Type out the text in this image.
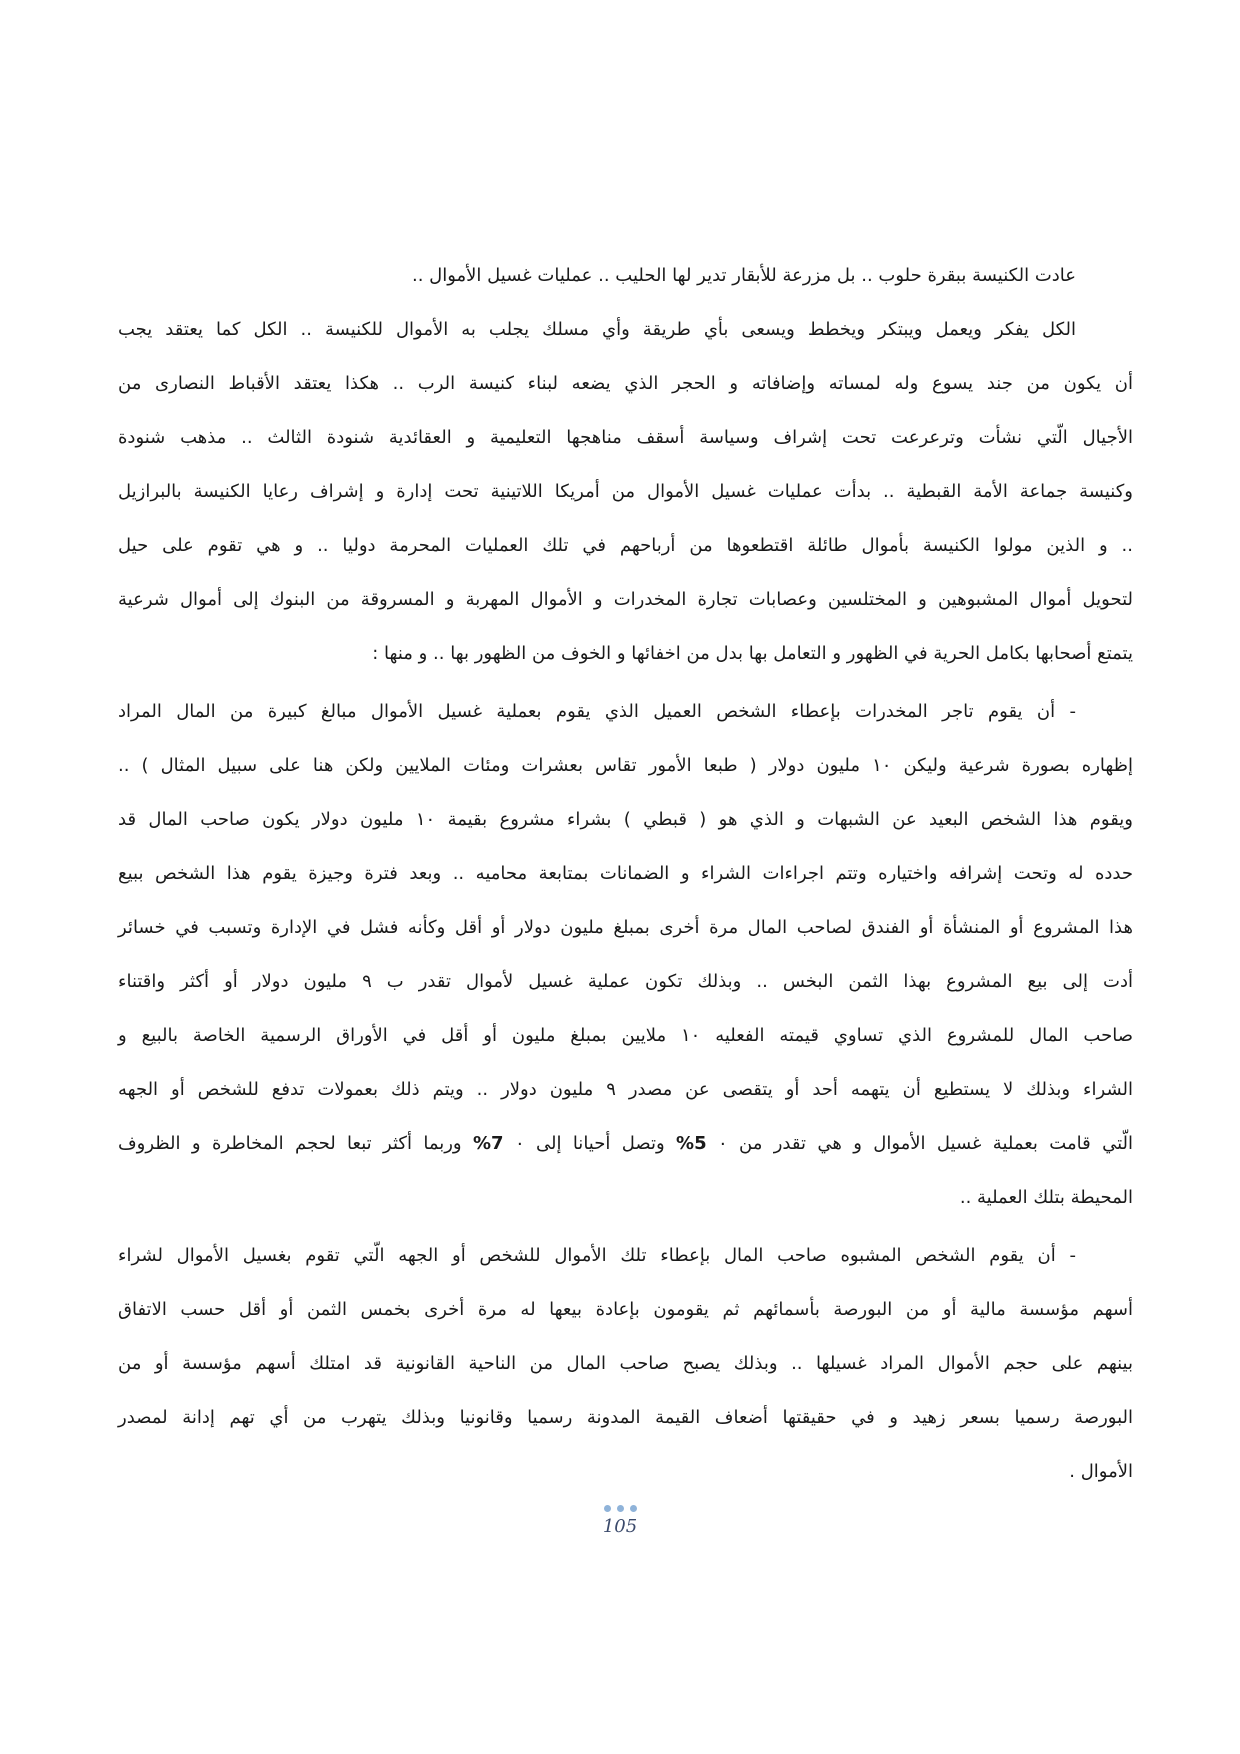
عادت الكنيسة ببقرة حلوب .. بل مزرعة للأبقار تدير لها الحليب .. عمليات غسيل الأموال ..
الكل يفكر ويعمل ويبتكر ويخطط ويسعى بأي طريقة وأي مسلك يجلب به الأموال للكنيسة .. الكل كما يعتقد يجب
أن يكون من جند يسوع وله لمساته وإضافاته و الحجر الذي يضعه لبناء كنيسة الرب .. هكذا يعتقد الأقباط النصارى من
الأجيال الّتي نشأت وترعرعت تحت إشراف وسياسة أسقف مناهجها التعليمية و العقائدية شنودة الثالث .. مذهب شنودة
وكنيسة جماعة الأمة القبطية .. بدأت عمليات غسيل الأموال من أمريكا اللاتينية تحت إدارة و إشراف رعايا الكنيسة بالبرازيل
.. و الذين مولوا الكنيسة بأموال طائلة اقتطعوها من أرباحهم في تلك العمليات المحرمة دوليا .. و هي تقوم على حيل
لتحويل أموال المشبوهين و المختلسين وعصابات تجارة المخدرات و الأموال المهربة و المسروقة من البنوك إلى أموال شرعية
يتمتع أصحابها بكامل الحرية في الظهور و التعامل بها بدل من اخفائها و الخوف من الظهور بها .. و منها :
- أن يقوم تاجر المخدرات بإعطاء الشخص العميل الذي يقوم بعملية غسيل الأموال مبالغ كبيرة من المال المراد
إظهاره بصورة شرعية وليكن ١٠ مليون دولار ( طبعا الأمور تقاس بعشرات ومئات الملايين ولكن هنا على سبيل المثال ) ..
ويقوم هذا الشخص البعيد عن الشبهات و الذي هو ( قبطي ) بشراء مشروع بقيمة ١٠ مليون دولار يكون صاحب المال قد
حدده له وتحت إشرافه واختياره وتتم اجراءات الشراء و الضمانات بمتابعة محاميه .. وبعد فترة وجيزة يقوم هذا الشخص ببيع
هذا المشروع أو المنشأة أو الفندق لصاحب المال مرة أخرى بمبلغ مليون دولار أو أقل وكأنه فشل في الإدارة وتسبب في خسائر
أدت إلى بيع المشروع بهذا الثمن البخس .. وبذلك تكون عملية غسيل لأموال تقدر ب ٩ مليون دولار أو أكثر واقتناء
صاحب المال للمشروع الذي تساوي قيمته الفعليه ١٠ ملايين بمبلغ مليون أو أقل في الأوراق الرسمية الخاصة بالبيع و
الشراء وبذلك لا يستطيع أن يتهمه أحد أو يتقصى عن مصدر ٩ مليون دولار .. ويتم ذلك بعمولات تدفع للشخص أو الجهه
الّتي قامت بعملية غسيل الأموال و هي تقدر من ٠ %5 وتصل أحيانا إلى ٠ %7 وربما أكثر تبعا لحجم المخاطرة و الظروف
المحيطة بتلك العملية ..
- أن يقوم الشخص المشبوه صاحب المال بإعطاء تلك الأموال للشخص أو الجهه الّتي تقوم بغسيل الأموال لشراء
أسهم مؤسسة مالية أو من البورصة بأسمائهم ثم يقومون بإعادة بيعها له مرة أخرى بخمس الثمن أو أقل حسب الاتفاق
بينهم على حجم الأموال المراد غسيلها .. وبذلك يصبح صاحب المال من الناحية القانونية قد امتلك أسهم مؤسسة أو من
البورصة رسميا بسعر زهيد و في حقيقتها أضعاف القيمة المدونة رسميا وقانونيا وبذلك يتهرب من أي تهم إدانة لمصدر
الأموال .
105
